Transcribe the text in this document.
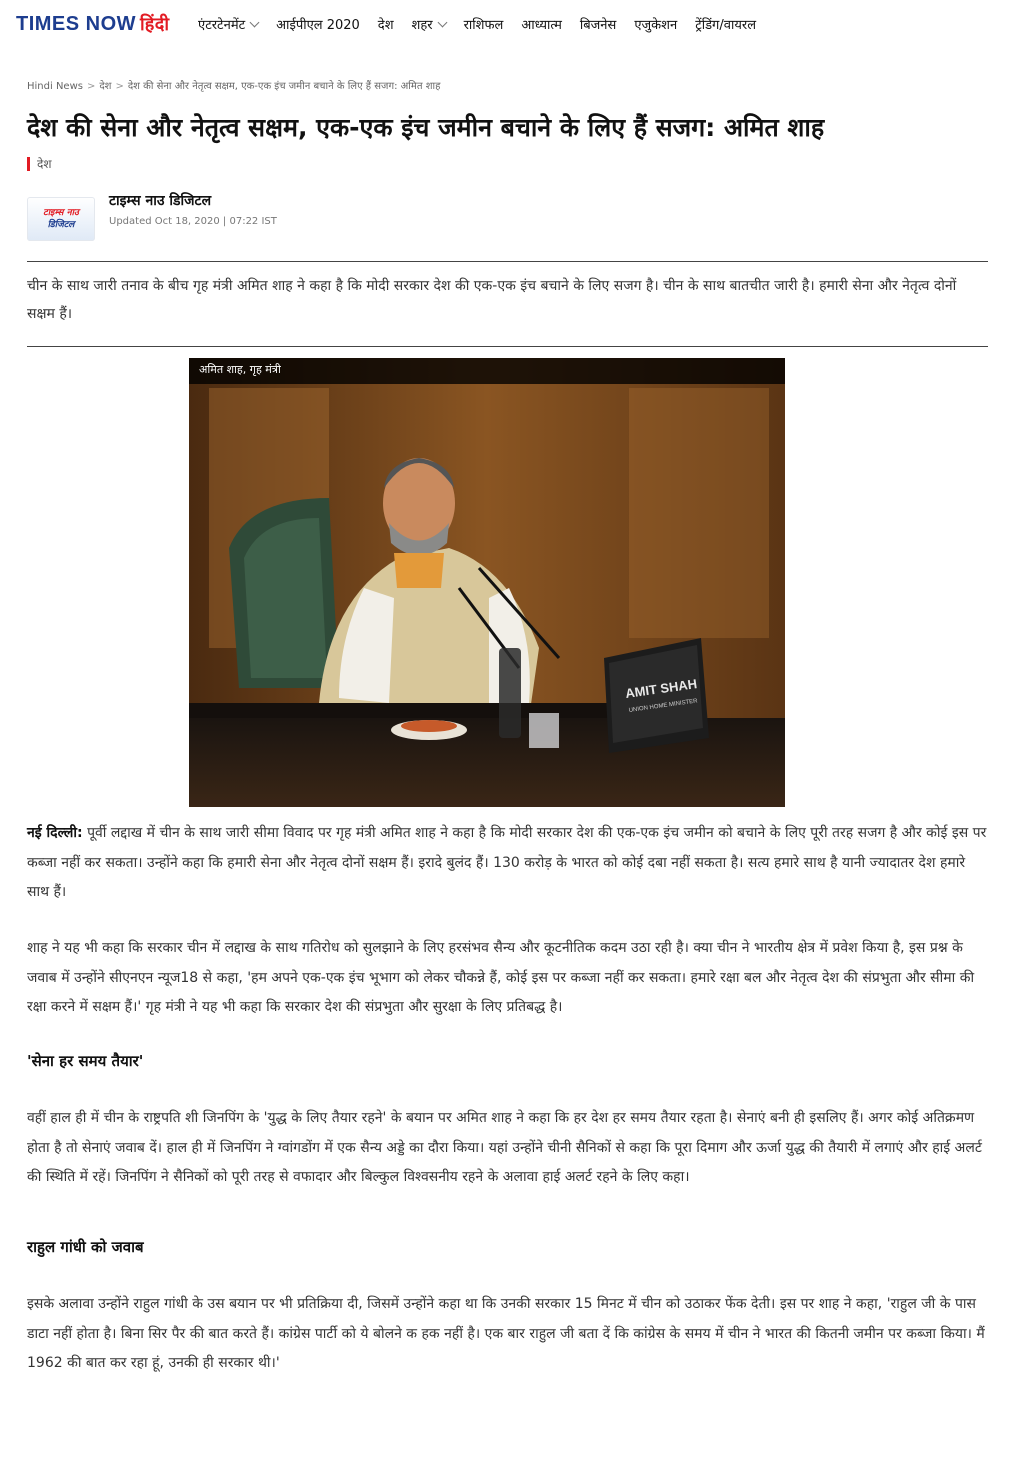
TIMES NOW हिंदी एंटरटेनमेंट आईपीएल 2020 देश शहर राशिफल आध्यात्म बिजनेस एजुकेशन ट्रेंडिंग/वायरल
Hindi News > देश > देश की सेना और नेतृत्व सक्षम, एक-एक इंच जमीन बचाने के लिए हैं सजग: अमित शाह
देश की सेना और नेतृत्व सक्षम, एक-एक इंच जमीन बचाने के लिए हैं सजग: अमित शाह
देश
टाइम्स नाउ
डिजिटल
टाइम्स नाउ डिजिटल
Updated Oct 18, 2020 | 07:22 IST

चीन के साथ जारी तनाव के बीच गृह मंत्री अमित शाह ने कहा है कि मोदी सरकार देश की एक-एक इंच बचाने के लिए सजग है। चीन के साथ बातचीत जारी है। हमारी सेना और नेतृत्व दोनों सक्षम हैं।

AMIT SHAH
UNION HOME MINISTER
अमित शाह, गृह मंत्री

नई दिल्ली: पूर्वी लद्दाख में चीन के साथ जारी सीमा विवाद पर गृह मंत्री अमित शाह ने कहा है कि मोदी सरकार देश की एक-एक इंच जमीन को बचाने के लिए पूरी तरह सजग है और कोई इस पर कब्जा नहीं कर सकता। उन्होंने कहा कि हमारी सेना और नेतृत्व दोनों सक्षम हैं। इरादे बुलंद हैं। 130 करोड़ के भारत को कोई दबा नहीं सकता है। सत्य हमारे साथ है यानी ज्यादातर देश हमारे साथ हैं।

शाह ने यह भी कहा कि सरकार चीन में लद्दाख के साथ गतिरोध को सुलझाने के लिए हरसंभव सैन्य और कूटनीतिक कदम उठा रही है। क्या चीन ने भारतीय क्षेत्र में प्रवेश किया है, इस प्रश्न के जवाब में उन्होंने सीएनएन न्यूज18 से कहा, 'हम अपने एक-एक इंच भूभाग को लेकर चौकन्ने हैं, कोई इस पर कब्जा नहीं कर सकता। हमारे रक्षा बल और नेतृत्व देश की संप्रभुता और सीमा की रक्षा करने में सक्षम हैं।' गृह मंत्री ने यह भी कहा कि सरकार देश की संप्रभुता और सुरक्षा के लिए प्रतिबद्ध है।

'सेना हर समय तैयार'

वहीं हाल ही में चीन के राष्ट्रपति शी जिनपिंग के 'युद्ध के लिए तैयार रहने' के बयान पर अमित शाह ने कहा कि हर देश हर समय तैयार रहता है। सेनाएं बनी ही इसलिए हैं। अगर कोई अतिक्रमण होता है तो सेनाएं जवाब दें। हाल ही में जिनपिंग ने ग्वांगडोंग में एक सैन्य अड्डे का दौरा किया। यहां उन्होंने चीनी सैनिकों से कहा कि पूरा दिमाग और ऊर्जा युद्ध की तैयारी में लगाएं और हाई अलर्ट की स्थिति में रहें। जिनपिंग ने सैनिकों को पूरी तरह से वफादार और बिल्कुल विश्वसनीय रहने के अलावा हाई अलर्ट रहने के लिए कहा।

राहुल गांधी को जवाब

इसके अलावा उन्होंने राहुल गांधी के उस बयान पर भी प्रतिक्रिया दी, जिसमें उन्होंने कहा था कि उनकी सरकार 15 मिनट में चीन को उठाकर फेंक देती। इस पर शाह ने कहा, 'राहुल जी के पास डाटा नहीं होता है। बिना सिर पैर की बात करते हैं। कांग्रेस पार्टी को ये बोलने क हक नहीं है। एक बार राहुल जी बता दें कि कांग्रेस के समय में चीन ने भारत की कितनी जमीन पर कब्जा किया। मैं 1962 की बात कर रहा हूं, उनकी ही सरकार थी।'
